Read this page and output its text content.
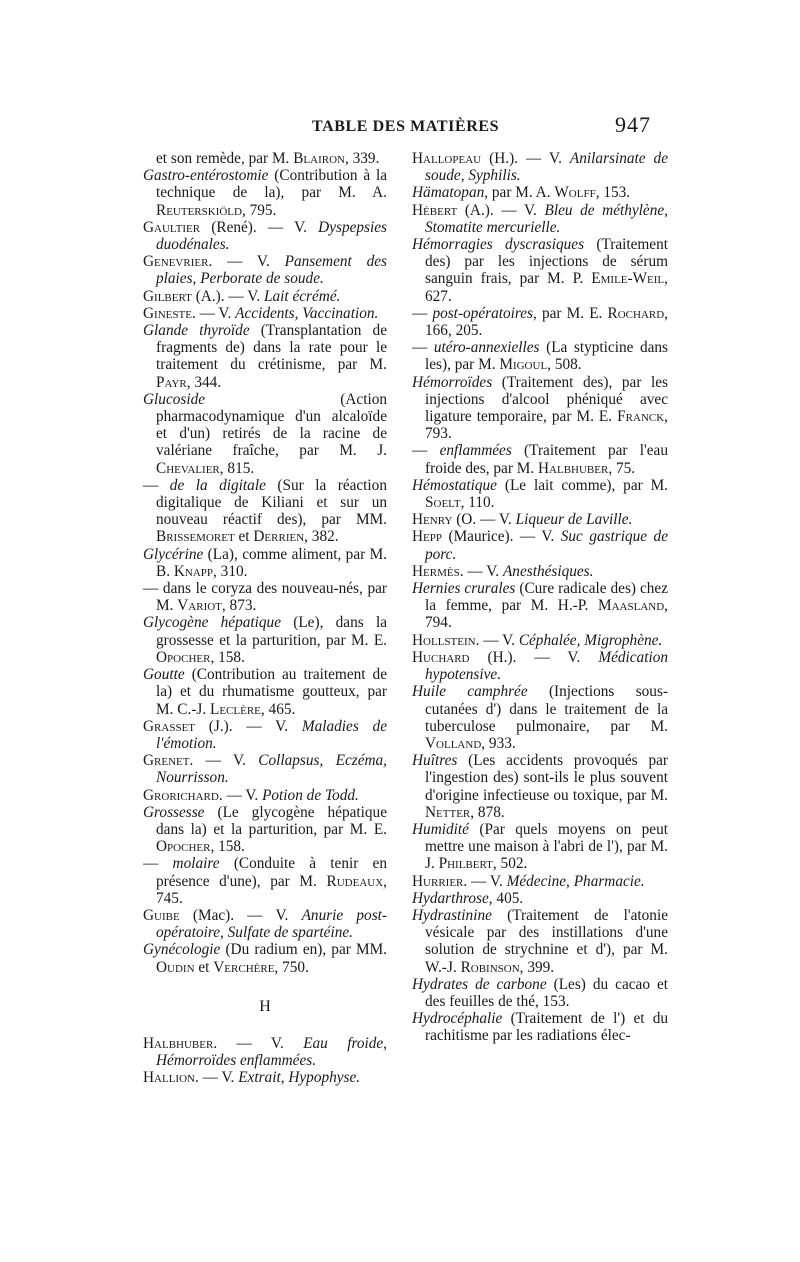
TABLE DES MATIÈRES	947

et son remède, par M. Blairon, 339.

Gastro-entérostomie (Contribution à la technique de la), par M. A. Reuterskiöld, 795.

Gaultier (René). — V. Dyspepsies duodénales.

Genevrier. — V. Pansement des plaies, Perborate de soude.

Gilbert (A.). — V. Lait écrémé.

Gineste. — V. Accidents, Vaccination.

Glande thyroïde (Transplantation de fragments de) dans la rate pour le traitement du crétinisme, par M. Payr, 344.

Glucoside (Action pharmacodynamique d'un alcaloïde et d'un) retirés de la racine de valériane fraîche, par M. J. Chevalier, 815.

— de la digitale (Sur la réaction digitalique de Kiliani et sur un nouveau réactif des), par MM. Brissemoret et Derrien, 382.

Glycérine (La), comme aliment, par M. B. Knapp, 310.

— dans le coryza des nouveau-nés, par M. Variot, 873.

Glycogène hépatique (Le), dans la grossesse et la parturition, par M. E. Opocher, 158.

Goutte (Contribution au traitement de la) et du rhumatisme goutteux, par M. C.-J. Leclère, 465.

Grasset (J.). — V. Maladies de l'émotion.

Grenet. — V. Collapsus, Eczéma, Nourrisson.

Grorichard. — V. Potion de Todd.

Grossesse (Le glycogène hépatique dans la) et la parturition, par M. E. Opocher, 158.

— molaire (Conduite à tenir en présence d'une), par M. Rudeaux, 745.

Guibe (Mac). — V. Anurie post-opératoire, Sulfate de spartéine.

Gynécologie (Du radium en), par MM. Oudin et Verchère, 750.

H

Halbhuber. — V. Eau froide, Hémorroïdes enflammées.

Hallion. — V. Extrait, Hypophyse.

Hallopeau (H.). — V. Anilarsinate de soude, Syphilis.

Hämatopan, par M. A. Wolff, 153.

Hébert (A.). — V. Bleu de méthylène, Stomatite mercurielle.

Hémorragies dyscrasiques (Traitement des) par les injections de sérum sanguin frais, par M. P. Emile-Weil, 627.

— post-opératoires, par M. E. Rochard, 166, 205.

— utéro-annexielles (La stypticine dans les), par M. Migoul, 508.

Hémorroïdes (Traitement des), par les injections d'alcool phéniqué avec ligature temporaire, par M. E. Franck, 793.

— enflammées (Traitement par l'eau froide des, par M. Halbhuber, 75.

Hémostatique (Le lait comme), par M. Soelt, 110.

Henry (O. — V. Liqueur de Laville.

Hepp (Maurice). — V. Suc gastrique de porc.

Hermès. — V. Anesthésiques.

Hernies crurales (Cure radicale des) chez la femme, par M. H.-P. Maasland, 794.

Hollstein. — V. Céphalée, Migrophène.

Huchard (H.). — V. Médication hypotensive.

Huile camphrée (Injections sous-cutanées d') dans le traitement de la tuberculose pulmonaire, par M. Volland, 933.

Huîtres (Les accidents provoqués par l'ingestion des) sont-ils le plus souvent d'origine infectieuse ou toxique, par M. Netter, 878.

Humidité (Par quels moyens on peut mettre une maison à l'abri de l'), par M. J. Philbert, 502.

Hurrier. — V. Médecine, Pharmacie.

Hydarthrose, 405.

Hydrastinine (Traitement de l'atonie vésicale par des instillations d'une solution de strychnine et d'), par M. W.-J. Robinson, 399.

Hydrates de carbone (Les) du cacao et des feuilles de thé, 153.

Hydrocéphalie (Traitement de l') et du rachitisme par les radiations élec-
